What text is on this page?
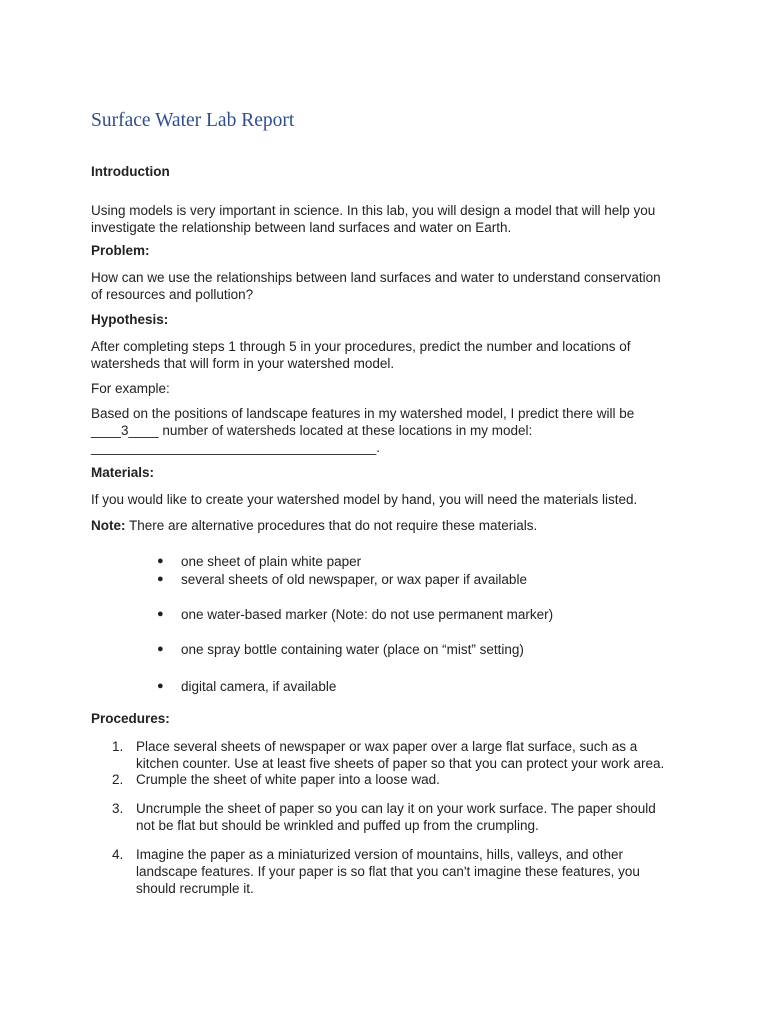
Surface Water Lab Report
Introduction
Using models is very important in science. In this lab, you will design a model that will help you
investigate the relationship between land surfaces and water on Earth.
Problem:
How can we use the relationships between land surfaces and water to understand conservation
of resources and pollution?
Hypothesis:
After completing steps 1 through 5 in your procedures, predict the number and locations of
watersheds that will form in your watershed model.
For example:
Based on the positions of landscape features in my watershed model, I predict there will be
____3____ number of watersheds located at these locations in my model:
______________________________________.
Materials:
If you would like to create your watershed model by hand, you will need the materials listed.
Note: There are alternative procedures that do not require these materials.
● one sheet of plain white paper
● several sheets of old newspaper, or wax paper if available
● one water-based marker (Note: do not use permanent marker)
● one spray bottle containing water (place on “mist” setting)
● digital camera, if available
Procedures:
1. Place several sheets of newspaper or wax paper over a large flat surface, such as a
kitchen counter. Use at least five sheets of paper so that you can protect your work area.
2. Crumple the sheet of white paper into a loose wad.
3. Uncrumple the sheet of paper so you can lay it on your work surface. The paper should
not be flat but should be wrinkled and puffed up from the crumpling.
4. Imagine the paper as a miniaturized version of mountains, hills, valleys, and other
landscape features. If your paper is so flat that you can't imagine these features, you
should recrumple it.
